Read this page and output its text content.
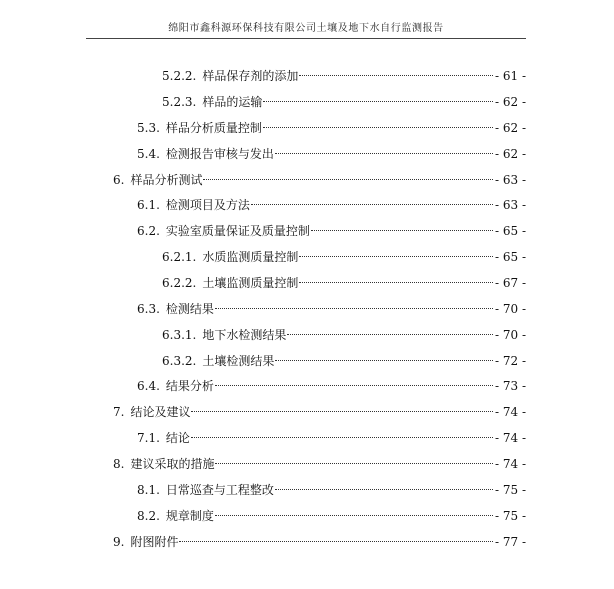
绵阳市鑫科源环保科技有限公司土壤及地下水自行监测报告
5.2.2. 样品保存剂的添加	- 61 -
5.2.3. 样品的运输	- 62 -
5.3. 样品分析质量控制	- 62 -
5.4. 检测报告审核与发出	- 62 -
6. 样品分析测试	- 63 -
6.1. 检测项目及方法	- 63 -
6.2. 实验室质量保证及质量控制	- 65 -
6.2.1. 水质监测质量控制	- 65 -
6.2.2. 土壤监测质量控制	- 67 -
6.3. 检测结果	- 70 -
6.3.1. 地下水检测结果	- 70 -
6.3.2. 土壤检测结果	- 72 -
6.4. 结果分析	- 73 -
7. 结论及建议	- 74 -
7.1. 结论	- 74 -
8. 建议采取的措施	- 74 -
8.1. 日常巡查与工程整改	- 75 -
8.2. 规章制度	- 75 -
9. 附图附件	- 77 -
